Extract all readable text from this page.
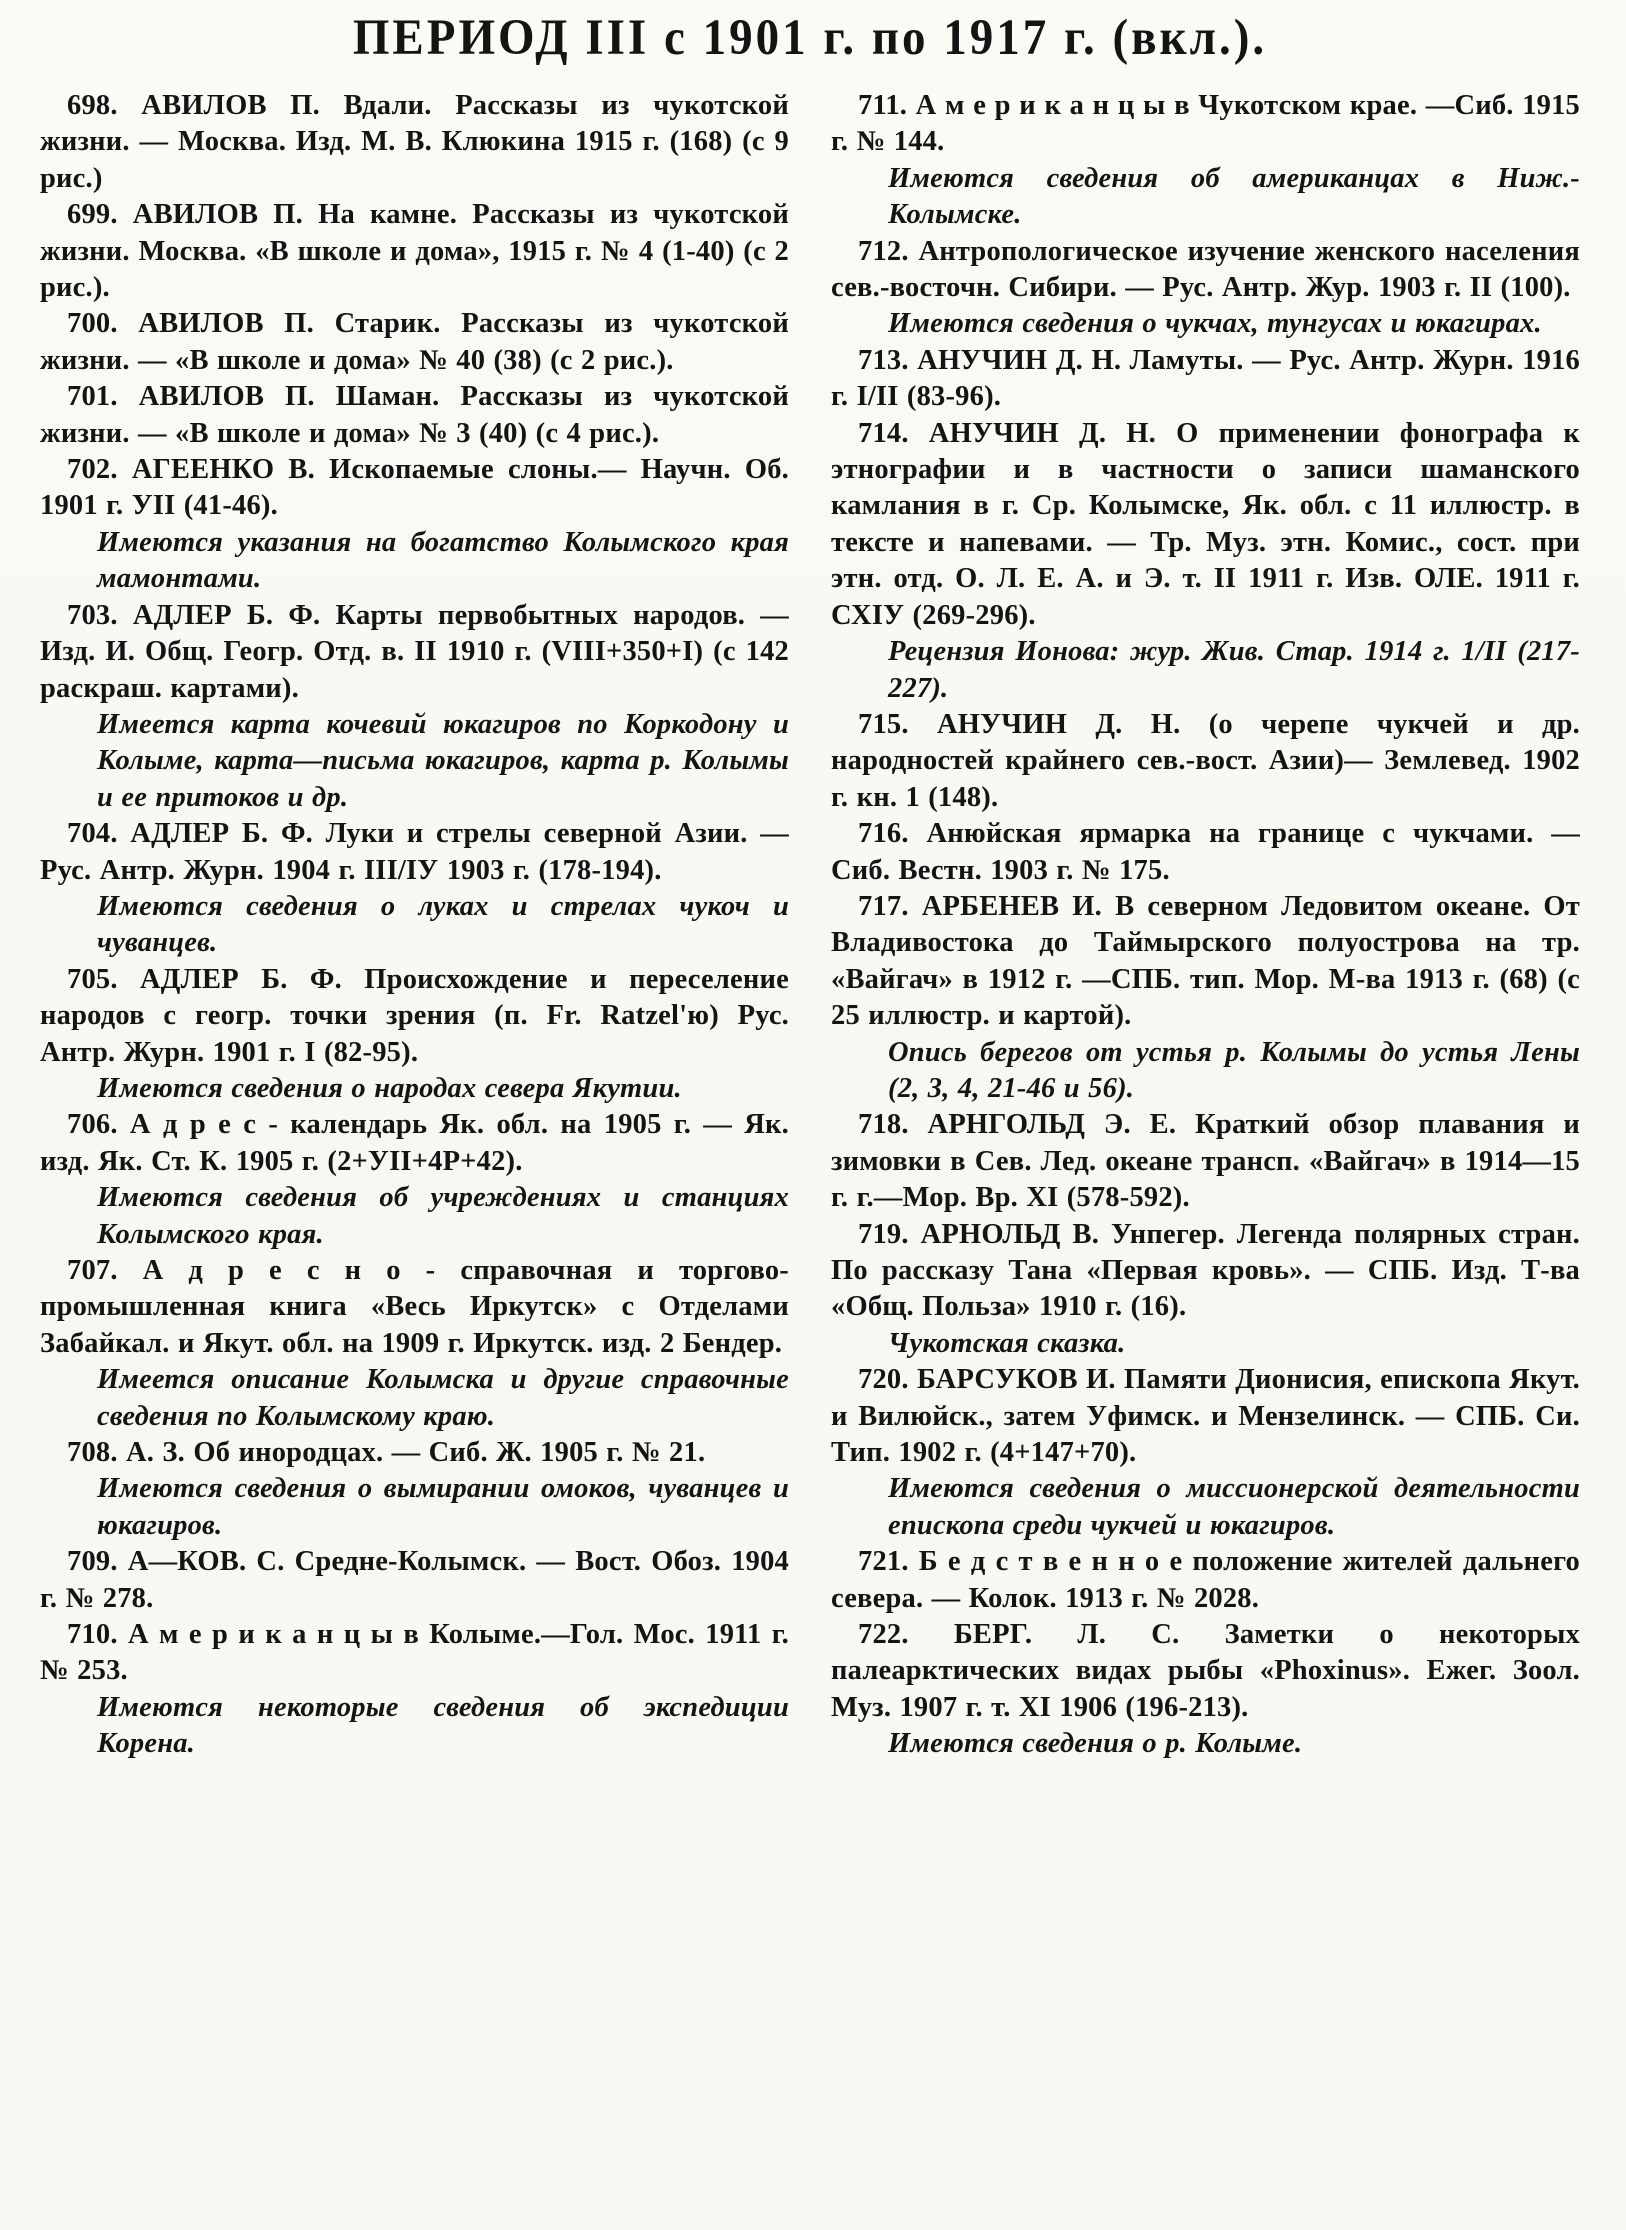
ПЕРИОД III с 1901 г. по 1917 г. (вкл.).

698. АВИЛОВ П. Вдали. Рассказы из чукотской жизни. — Москва. Изд. М. В. Клюкина 1915 г. (168) (с 9 рис.)

699. АВИЛОВ П. На камне. Рассказы из чукотской жизни. Москва. «В школе и дома», 1915 г. № 4 (1-40) (с 2 рис.).

700. АВИЛОВ П. Старик. Рассказы из чукотской жизни. — «В школе и дома» № 40 (38) (с 2 рис.).

701. АВИЛОВ П. Шаман. Рассказы из чукотской жизни. — «В школе и дома» № 3 (40) (с 4 рис.).

702. АГЕЕНКО В. Ископаемые слоны.— Научн. Об. 1901 г. УII (41-46).

Имеются указания на богатство Колымского края мамонтами.

703. АДЛЕР Б. Ф. Карты первобытных народов. — Изд. И. Общ. Геогр. Отд. в. II 1910 г. (VIII+350+I) (с 142 раскраш. картами).

Имеется карта кочевий юкагиров по Коркодону и Колыме, карта—письма юкагиров, карта р. Колымы и ее притоков и др.

704. АДЛЕР Б. Ф. Луки и стрелы северной Азии. — Рус. Антр. Журн. 1904 г. III/IУ 1903 г. (178-194).

Имеются сведения о луках и стрелах чукоч и чуванцев.

705. АДЛЕР Б. Ф. Происхождение и переселение народов с геогр. точки зрения (п. Fr. Ratzel'ю) Рус. Антр. Журн. 1901 г. I (82-95).

Имеются сведения о народах севера Якутии.

706. А д р е с - календарь Як. обл. на 1905 г. — Як. изд. Як. Ст. К. 1905 г. (2+УII+4Р+42).

Имеются сведения об учреждениях и станциях Колымского края.

707. А д р е с н о - справочная и торгово-промышленная книга «Весь Иркутск» с Отделами Забайкал. и Якут. обл. на 1909 г. Иркутск. изд. 2 Бендер.

Имеется описание Колымска и другие справочные сведения по Колымскому краю.

708. А. З. Об инородцах. — Сиб. Ж. 1905 г. № 21.

Имеются сведения о вымирании омоков, чуванцев и юкагиров.

709. А—КОВ. С. Средне-Колымск. — Вост. Обоз. 1904 г. № 278.

710. А м е р и к а н ц ы в Колыме.—Гол. Мос. 1911 г. № 253.

Имеются некоторые сведения об экспедиции Корена.

711. А м е р и к а н ц ы в Чукотском крае. —Сиб. 1915 г. № 144.

Имеются сведения об американцах в Ниж.-Колымске.

712. Антропологическое изучение женского населения сев.-восточн. Сибири. — Рус. Антр. Жур. 1903 г. II (100).

Имеются сведения о чукчах, тунгусах и юкагирах.

713. АНУЧИН Д. Н. Ламуты. — Рус. Антр. Журн. 1916 г. I/II (83-96).

714. АНУЧИН Д. Н. О применении фонографа к этнографии и в частности о записи шаманского камлания в г. Ср. Колымске, Як. обл. с 11 иллюстр. в тексте и напевами. — Тр. Муз. этн. Комис., сост. при этн. отд. О. Л. Е. А. и Э. т. II 1911 г. Изв. ОЛЕ. 1911 г. СХIУ (269-296).

Рецензия Ионова: жур. Жив. Стар. 1914 г. 1/II (217-227).

715. АНУЧИН Д. Н. (о черепе чукчей и др. народностей крайнего сев.-вост. Азии)— Землевед. 1902 г. кн. 1 (148).

716. Анюйская ярмарка на границе с чукчами. — Сиб. Вестн. 1903 г. № 175.

717. АРБЕНЕВ И. В северном Ледовитом океане. От Владивостока до Таймырского полуострова на тр. «Вайгач» в 1912 г. —СПБ. тип. Мор. М-ва 1913 г. (68) (с 25 иллюстр. и картой).

Опись берегов от устья р. Колымы до устья Лены (2, 3, 4, 21-46 и 56).

718. АРНГОЛЬД Э. Е. Краткий обзор плавания и зимовки в Сев. Лед. океане трансп. «Вайгач» в 1914—15 г. г.—Мор. Вр. XI (578-592).

719. АРНОЛЬД В. Унпегер. Легенда полярных стран. По рассказу Тана «Первая кровь». — СПБ. Изд. Т-ва «Общ. Польза» 1910 г. (16).

Чукотская сказка.

720. БАРСУКОВ И. Памяти Дионисия, епископа Якут. и Вилюйск., затем Уфимск. и Мензелинск. — СПБ. Си. Тип. 1902 г. (4+147+70).

Имеются сведения о миссионерской деятельности епископа среди чукчей и юкагиров.

721. Б е д с т в е н н о е положение жителей дальнего севера. — Колок. 1913 г. № 2028.

722. БЕРГ. Л. С. Заметки о некоторых палеарктических видах рыбы «Phoxinus». Ежег. Зоол. Муз. 1907 г. т. XI 1906 (196-213).

Имеются сведения о р. Колыме.
